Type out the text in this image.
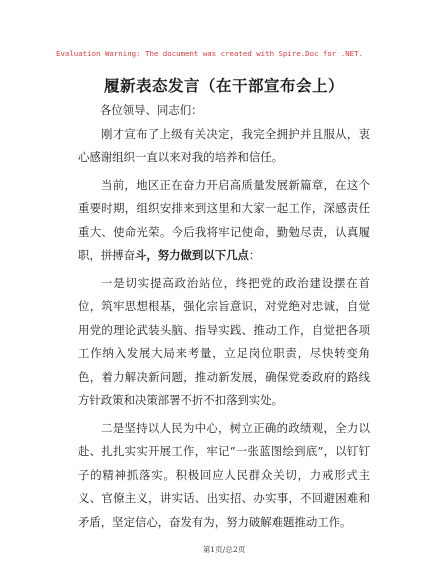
Evaluation Warning: The document was created with Spire.Doc for .NET.
履新表态发言（在干部宣布会上）

各位领导、同志们：

刚才宣布了上级有关决定，我完全拥护并且服从，衷心感谢组织一直以来对我的培养和信任。

当前，地区正在奋力开启高质量发展新篇章，在这个重要时期，组织安排来到这里和大家一起工作，深感责任重大、使命光荣。今后我将牢记使命，勤勉尽责，认真履职，拼搏奋斗，努力做到以下几点：

一是切实提高政治站位，终把党的政治建设摆在首位，筑牢思想根基，强化宗旨意识，对党绝对忠诚，自觉用党的理论武装头脑、指导实践、推动工作，自觉把各项工作纳入发展大局来考量，立足岗位职责，尽快转变角色，着力解决新问题，推动新发展，确保党委政府的路线方针政策和决策部署不折不扣落到实处。

二是坚持以人民为中心，树立正确的政绩观，全力以赴、扎扎实实开展工作，牢记“一张蓝图绘到底”，以钉钉子的精神抓落实。积极回应人民群众关切，力戒形式主义、官僚主义，讲实话、出实招、办实事，不回避困难和矛盾，坚定信心，奋发有为，努力破解难题推动工作。

第1页/总2页
